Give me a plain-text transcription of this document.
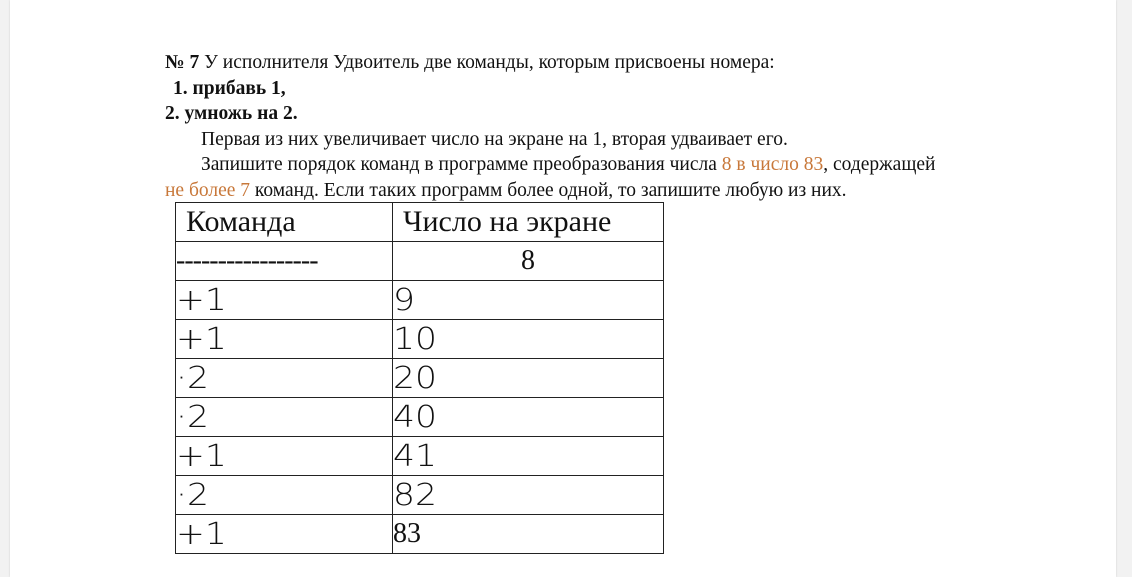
№ 7 У исполнителя Удвоитель две команды, которым присвоены номера:
1. прибавь 1,
2. умножь на 2.
Первая из них увеличивает число на экране на 1, вторая удваивает его.
Запишите порядок команд в программе преобразования числа 8 в число 83, содержащей
не более 7 команд. Если таких программ более одной, то запишите любую из них.
Команда	Число на экране
-----------------	8
+1	9
+1	10
·2	20
·2	40
+1	41
·2	82
+1	83
